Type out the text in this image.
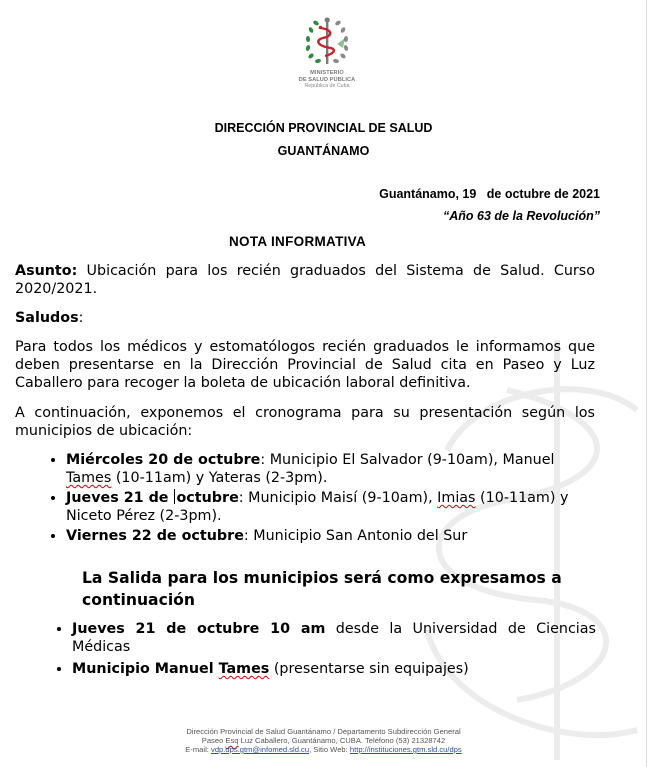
MINISTERIO
DE SALUD PÚBLICA
República de Cuba
DIRECCIÓN PROVINCIAL DE SALUD
GUANTÁNAMO
Guantánamo, 19   de octubre de 2021
“Año 63 de la Revolución”
NOTA INFORMATIVA
Asunto: Ubicación para los recién graduados del Sistema de Salud. Curso 2020/2021.
Saludos:
Para todos los médicos y estomatólogos recién graduados le informamos que deben presentarse en la Dirección Provincial de Salud cita en Paseo y Luz Caballero para recoger la boleta de ubicación laboral definitiva.
A continuación, exponemos el cronograma para su presentación según los municipios de ubicación:
• Miércoles 20 de octubre: Municipio El Salvador (9-10am), Manuel Tames (10-11am) y Yateras (2-3pm).
• Jueves 21 de octubre: Municipio Maisí (9-10am), Imias (10-11am) y Niceto Pérez (2-3pm).
• Viernes 22 de octubre: Municipio San Antonio del Sur
La Salida para los municipios será como expresamos a continuación
• Jueves 21 de octubre 10 am desde la Universidad de Ciencias Médicas
• Municipio Manuel Tames (presentarse sin equipajes)
Dirección Provincial de Salud Guantánamo / Departamento Subdirección General
Paseo Esq Luz Caballero, Guantánamo, CUBA. Teléfono (53) 21328742
E-mail: vdp.dps.gtm@infomed.sld.cu, Sitio Web: http://instituciones.gtm.sld.cu/dps
